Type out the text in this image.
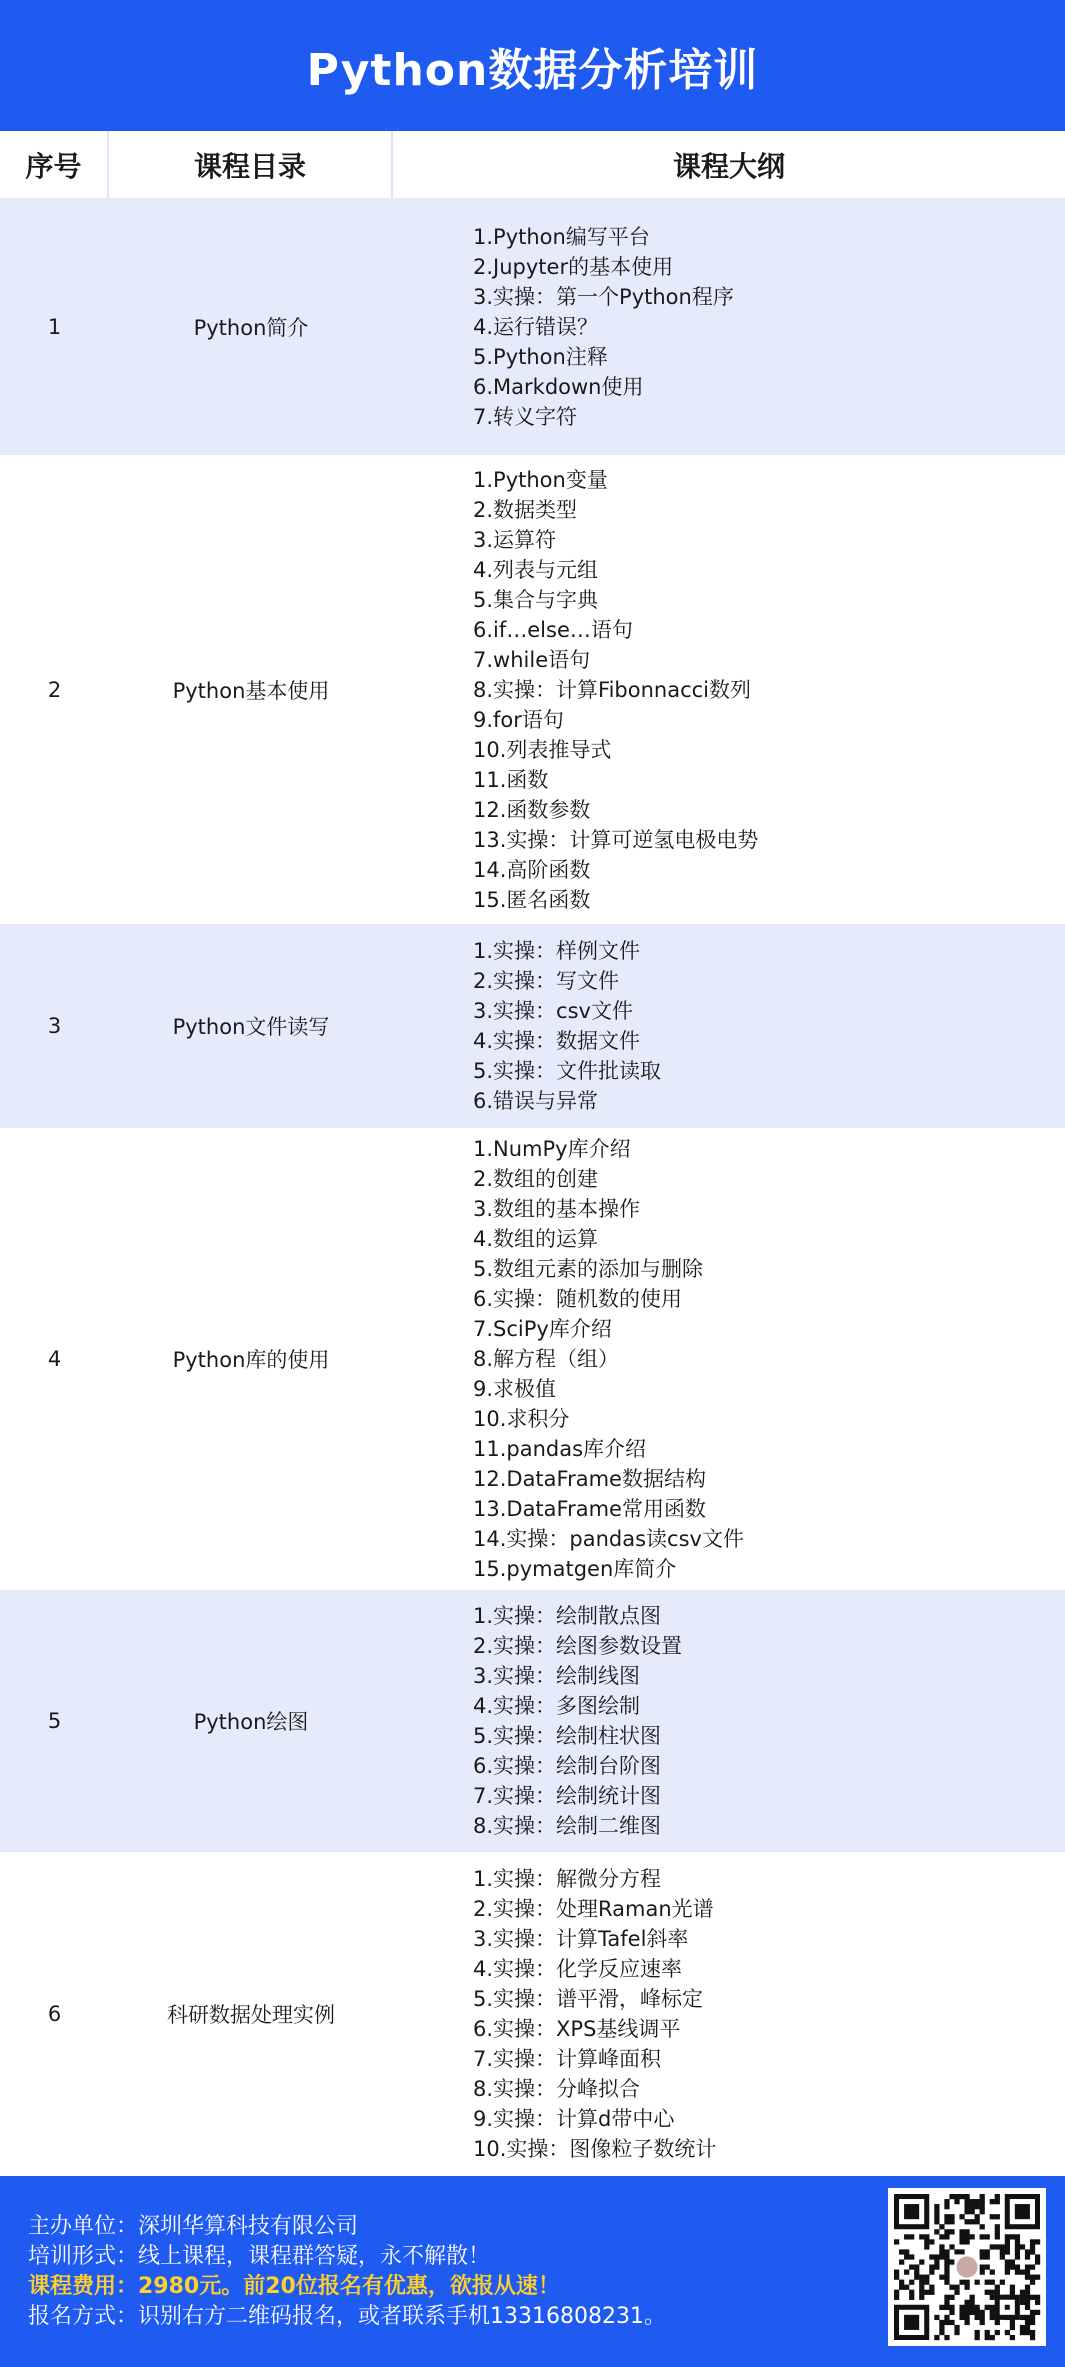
Python数据分析培训
序号	课程目录	课程大纲
1	Python简介
1.Python编写平台
2.Jupyter的基本使用
3.实操：第一个Python程序
4.运行错误？
5.Python注释
6.Markdown使用
7.转义字符
2	Python基本使用
1.Python变量
2.数据类型
3.运算符
4.列表与元组
5.集合与字典
6.if…else…语句
7.while语句
8.实操：计算Fibonnacci数列
9.for语句
10.列表推导式
11.函数
12.函数参数
13.实操：计算可逆氢电极电势
14.高阶函数
15.匿名函数
3	Python文件读写
1.实操：样例文件
2.实操：写文件
3.实操：csv文件
4.实操：数据文件
5.实操：文件批读取
6.错误与异常
4	Python库的使用
1.NumPy库介绍
2.数组的创建
3.数组的基本操作
4.数组的运算
5.数组元素的添加与删除
6.实操：随机数的使用
7.SciPy库介绍
8.解方程（组）
9.求极值
10.求积分
11.pandas库介绍
12.DataFrame数据结构
13.DataFrame常用函数
14.实操：pandas读csv文件
15.pymatgen库简介
5	Python绘图
1.实操：绘制散点图
2.实操：绘图参数设置
3.实操：绘制线图
4.实操：多图绘制
5.实操：绘制柱状图
6.实操：绘制台阶图
7.实操：绘制统计图
8.实操：绘制二维图
6	科研数据处理实例
1.实操：解微分方程
2.实操：处理Raman光谱
3.实操：计算Tafel斜率
4.实操：化学反应速率
5.实操：谱平滑，峰标定
6.实操：XPS基线调平
7.实操：计算峰面积
8.实操：分峰拟合
9.实操：计算d带中心
10.实操：图像粒子数统计
主办单位：深圳华算科技有限公司
培训形式：线上课程，课程群答疑，永不解散！
课程费用：2980元。前20位报名有优惠，欲报从速！
报名方式：识别右方二维码报名，或者联系手机13316808231。
